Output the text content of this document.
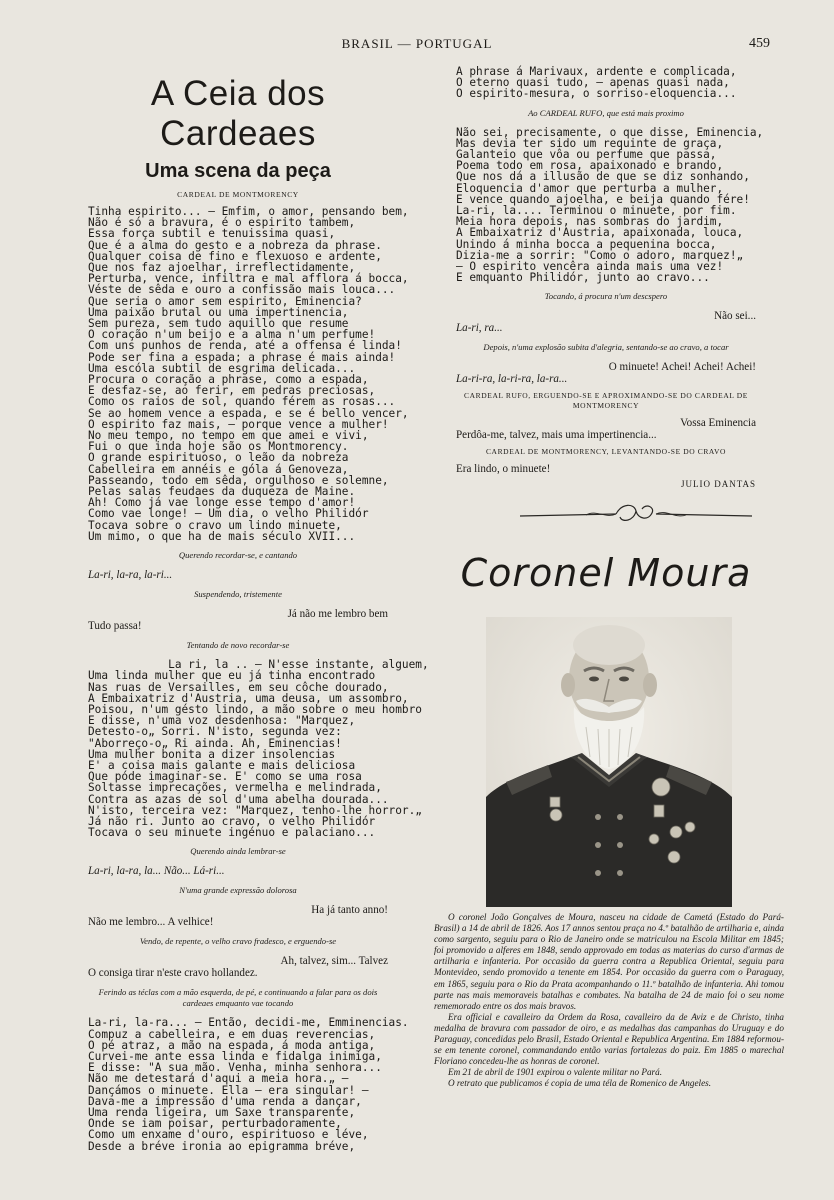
BRASIL — PORTUGAL	459
A Ceia dos Cardeaes
Uma scena da peça
CARDEAL DE MONTMORENCY
Tinha espirito... — Emfim, o amor, pensando bem,
Não é só a bravura, é o espirito tambem,
Essa força subtil e tenuissima quasi,
Que é a alma do gesto e a nobreza da phrase.
Qualquer coisa de fino e flexuoso e ardente,
Que nos faz ajoelhar, irreflectidamente,
Perturba, vence, infiltra e mal afflora á bocca,
Véste de sêda e ouro a confissão mais louca...
Que seria o amor sem espirito, Eminencia?
Uma paixão brutal ou uma impertinencia,
Sem pureza, sem tudo aquillo que resume
O coração n'um beijo e a alma n'um perfume!
Com uns punhos de renda, até a offensa é linda!
Pode ser fina a espada; a phrase é mais ainda!
Uma escóla subtil de esgrima delicada...
Procura o coração a phrase, como a espada,
E desfaz-se, ao ferir, em pedras preciosas,
Como os raios de sol, quando férem as rosas...
Se ao homem vence a espada, e se é bello vencer,
O espirito faz mais, — porque vence a mulher!
No meu tempo, no tempo em que amei e vivi,
Fui o que inda hoje são os Montmorency.
O grande espirituoso, o leão da nobreza
Cabelleira em annéis e góla á Genoveza,
Passeando, todo em sêda, orgulhoso e solemne,
Pelas salas feudaes da duqueza de Maine.
Ah! Como já vae longe esse tempo d'amor!
Como vae longe! — Um dia, o velho Philidór
Tocava sobre o cravo um lindo minuete,
Um mimo, o que ha de mais século XVII...
Querendo recordar-se, e cantando
La-ri, la-ra, la-ri...
Suspendendo, tristemente
Já não me lembro bem
Tudo passa!
Tentando de novo recordar-se
La ri, la .. — N'esse instante, alguem,
Uma linda mulher que eu já tinha encontrado
Nas ruas de Versailles, em seu côche dourado,
A Embaixatriz d'Austria, uma deusa, um assombro,
Poisou, n'um gésto lindo, a mão sobre o meu hombro
E disse, n'uma voz desdenhosa: "Marquez,
Detesto-o„ Sorri. N'isto, segunda vez:
"Aborreço-o„ Ri ainda. Ah, Eminencias!
Uma mulher bonita a dizer insolencias
E' a coisa mais galante e mais deliciosa
Que póde imaginar-se. E' como se uma rosa
Soltasse imprecações, vermelha e melindrada,
Contra as azas de sol d'uma abelha dourada...
N'isto, terceira vez: "Marquez, tenho-lhe horror.„
Já não ri. Junto ao cravo, o velho Philidór
Tocava o seu minuete ingénuo e palaciano...
Querendo ainda lembrar-se
La-ri, la-ra, la... Não... Lá-ri...
N'uma grande expressão dolorosa
Ha já tanto anno!
Não me lembro... A velhice!
Vendo, de repente, o velho cravo fradesco, e erguendo-se
Ah, talvez, sim... Talvez
O consiga tirar n'este cravo hollandez.
Ferindo as téclas com a mão esquerda, de pé, e continuando a falar para os dois cardeaes emquanto vae tocando
La-ri, la-ra... — Então, decidi-me, Emminencias.
Compuz a cabelleira, e em duas reverencias,
O pé atraz, a mão na espada, á moda antiga,
Curvei-me ante essa linda e fidalga inimiga,
E disse: "A sua mão. Venha, minha senhora...
Não me detestará d'aqui a meia hora.„ —
Dançámos o minuete. Ella — era singular! —
Dava-me a impressão d'uma renda a dançar,
Uma renda ligeira, um Saxe transparente,
Onde se iam poisar, perturbadoramente,
Como um enxame d'ouro, espirituoso e léve,
Desde a bréve ironia ao epigramma bréve,
A phrase á Marivaux, ardente e complicada,
O eterno quasi tudo, — apenas quasi nada,
O espirito-mesura, o sorriso-eloquencia...
Ao CARDEAL RUFO, que está mais proximo
Não sei, precisamente, o que disse, Eminencia,
Mas devia ter sido um requinte de graça,
Galanteio que vôa ou perfume que passa,
Poema todo em rosa, apaixonado e brando,
Que nos dá a illusão de que se diz sonhando,
Eloquencia d'amor que perturba a mulher,
E vence quando ajoelha, e beija quando fére!
La-ri, la.... Terminou o minuete, por fim.
Meia hora depois, nas sombras do jardim,
A Embaixatriz d'Austria, apaixonada, louca,
Unindo á minha bocca a pequenina bocca,
Dizia-me a sorrir: "Como o adoro, marquez!„
— O espirito vencêra ainda mais uma vez!
E emquanto Philidór, junto ao cravo...
Tocando, á procura n'um descspero
Não sei...
La-ri, ra...
Depois, n'uma explosão subita d'alegria, sentando-se ao cravo, a tocar
O minuete! Achei! Achei! Achei!
La-ri-ra, la-ri-ra, la-ra...
CARDEAL RUFO, ERGUENDO-SE E APROXIMANDO-SE DO CARDEAL DE MONTMORENCY
Vossa Eminencia
Perdôa-me, talvez, mais uma impertinencia...
CARDEAL DE MONTMORENCY, LEVANTANDO-SE DO CRAVO
Era lindo, o minuete!
JULIO DANTAS
Coronel Moura

O coronel João Gonçalves de Moura, nasceu na cidade de Cametá (Estado do Pará-Brasil) a 14 de abril de 1826. Aos 17 annos sentou praça no 4.º batalhão de artilharia e, ainda como sargento, seguiu para o Rio de Janeiro onde se matriculou na Escola Militar em 1845; foi promovido a alferes em 1848, sendo approvado em todas as materias do curso d'armas de artilharia e infanteria. Por occasião da guerra contra a Republica Oriental, seguiu para Montevideo, sendo promovido a tenente em 1854. Por occasião da guerra com o Paraguay, em 1865, seguiu para o Rio da Prata acompanhando o 11.º batalhão de infanteria. Ahi tomou parte nas mais memoraveis batalhas e combates. Na batalha de 24 de maio foi o seu nome rememorado entre os dos mais bravos.

Era official e cavalleiro da Ordem da Rosa, cavalleiro da de Aviz e de Christo, tinha medalha de bravura com passador de oiro, e as medalhas das campanhas do Uruguay e do Paraguay, concedidas pelo Brasil, Estado Oriental e Republica Argentina. Em 1884 reformou-se em tenente coronel, commandando então varias fortalezas do paiz. Em 1885 o marechal Floriano concedeu-lhe as honras de coronel.

Em 21 de abril de 1901 expirou o valente militar no Pará.

O retrato que publicamos é copia de uma téla de Romenico de Angeles.
